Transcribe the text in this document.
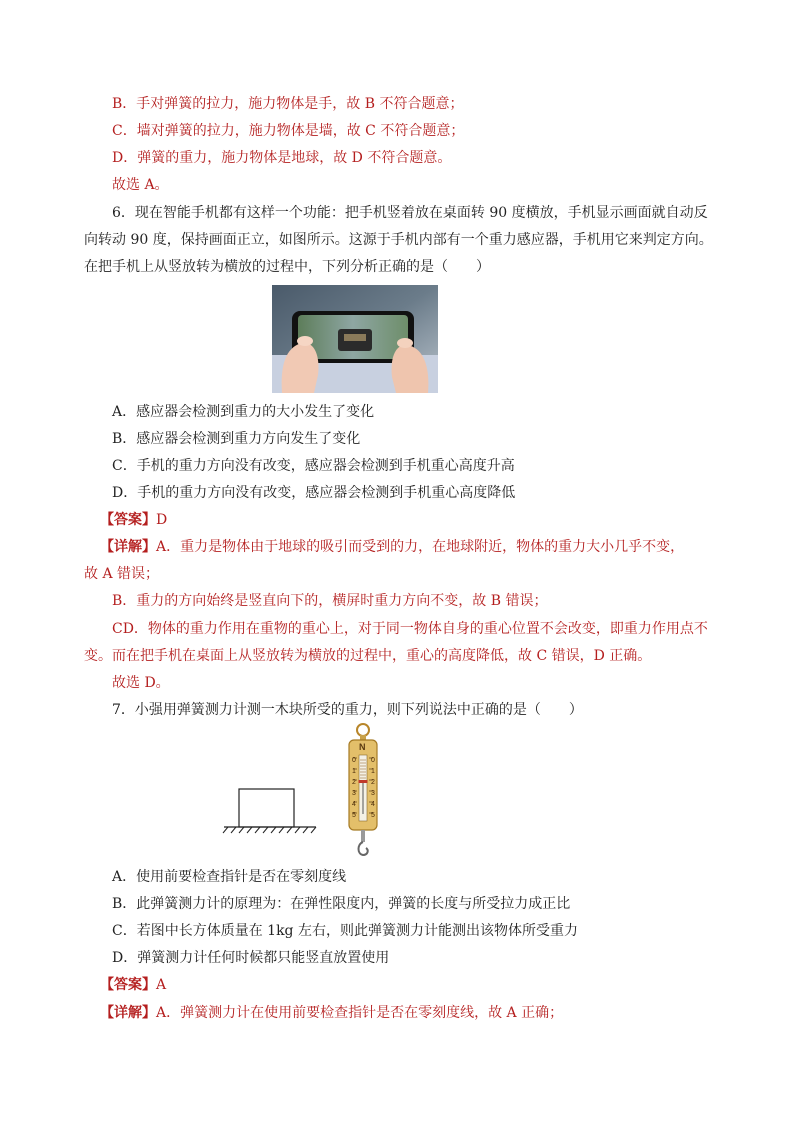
B．手对弹簧的拉力，施力物体是手，故 B 不符合题意；
C．墙对弹簧的拉力，施力物体是墙，故 C 不符合题意；
D．弹簧的重力，施力物体是地球，故 D 不符合题意。
故选 A。
6．现在智能手机都有这样一个功能：把手机竖着放在桌面转 90 度横放，手机显示画面就自动反
向转动 90 度，保持画面正立，如图所示。这源于手机内部有一个重力感应器，手机用它来判定方向。
在把手机上从竖放转为横放的过程中，下列分析正确的是（　　）
A．感应器会检测到重力的大小发生了变化
B．感应器会检测到重力方向发生了变化
C．手机的重力方向没有改变，感应器会检测到手机重心高度升高
D．手机的重力方向没有改变，感应器会检测到手机重心高度降低
【答案】D
【详解】A．重力是物体由于地球的吸引而受到的力，在地球附近，物体的重力大小几乎不变，
故 A 错误；
B．重力的方向始终是竖直向下的，横屏时重力方向不变，故 B 错误；
CD．物体的重力作用在重物的重心上，对于同一物体自身的重心位置不会改变，即重力作用点不
变。而在把手机在桌面上从竖放转为横放的过程中，重心的高度降低，故 C 错误，D 正确。
故选 D。
7．小强用弹簧测力计测一木块所受的重力，则下列说法中正确的是（　　）
N
0
1
2
3
4
5
0
1
2
3
4
5
A．使用前要检查指针是否在零刻度线
B．此弹簧测力计的原理为：在弹性限度内，弹簧的长度与所受拉力成正比
C．若图中长方体质量在 1kg 左右，则此弹簧测力计能测出该物体所受重力
D．弹簧测力计任何时候都只能竖直放置使用
【答案】A
【详解】A．弹簧测力计在使用前要检查指针是否在零刻度线，故 A 正确；
